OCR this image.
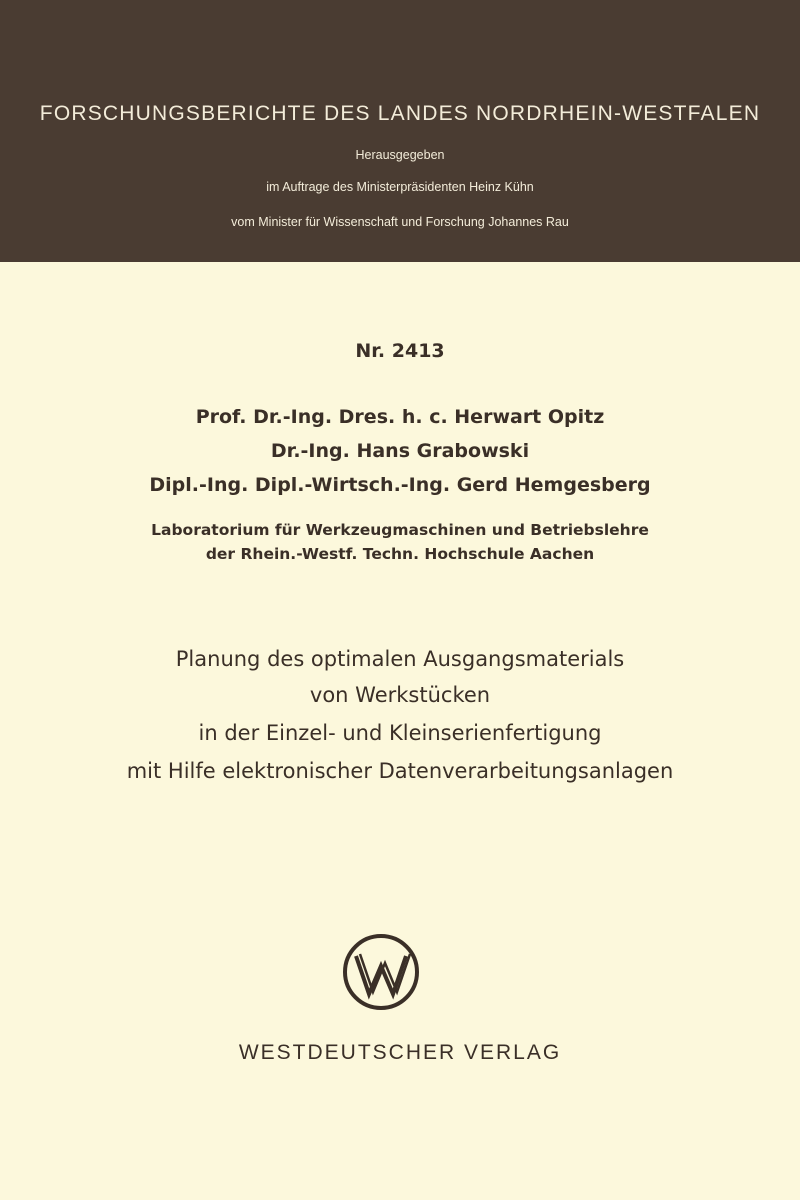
FORSCHUNGSBERICHTE DES LANDES NORDRHEIN-WESTFALEN
Herausgegeben
im Auftrage des Ministerpräsidenten Heinz Kühn
vom Minister für Wissenschaft und Forschung Johannes Rau
Nr. 2413
Prof. Dr.-Ing. Dres. h. c. Herwart Opitz
Dr.-Ing. Hans Grabowski
Dipl.-Ing. Dipl.-Wirtsch.-Ing. Gerd Hemgesberg
Laboratorium für Werkzeugmaschinen und Betriebslehre
der Rhein.-Westf. Techn. Hochschule Aachen
Planung des optimalen Ausgangsmaterials
von Werkstücken
in der Einzel- und Kleinserienfertigung
mit Hilfe elektronischer Datenverarbeitungsanlagen
WESTDEUTSCHER VERLAG
